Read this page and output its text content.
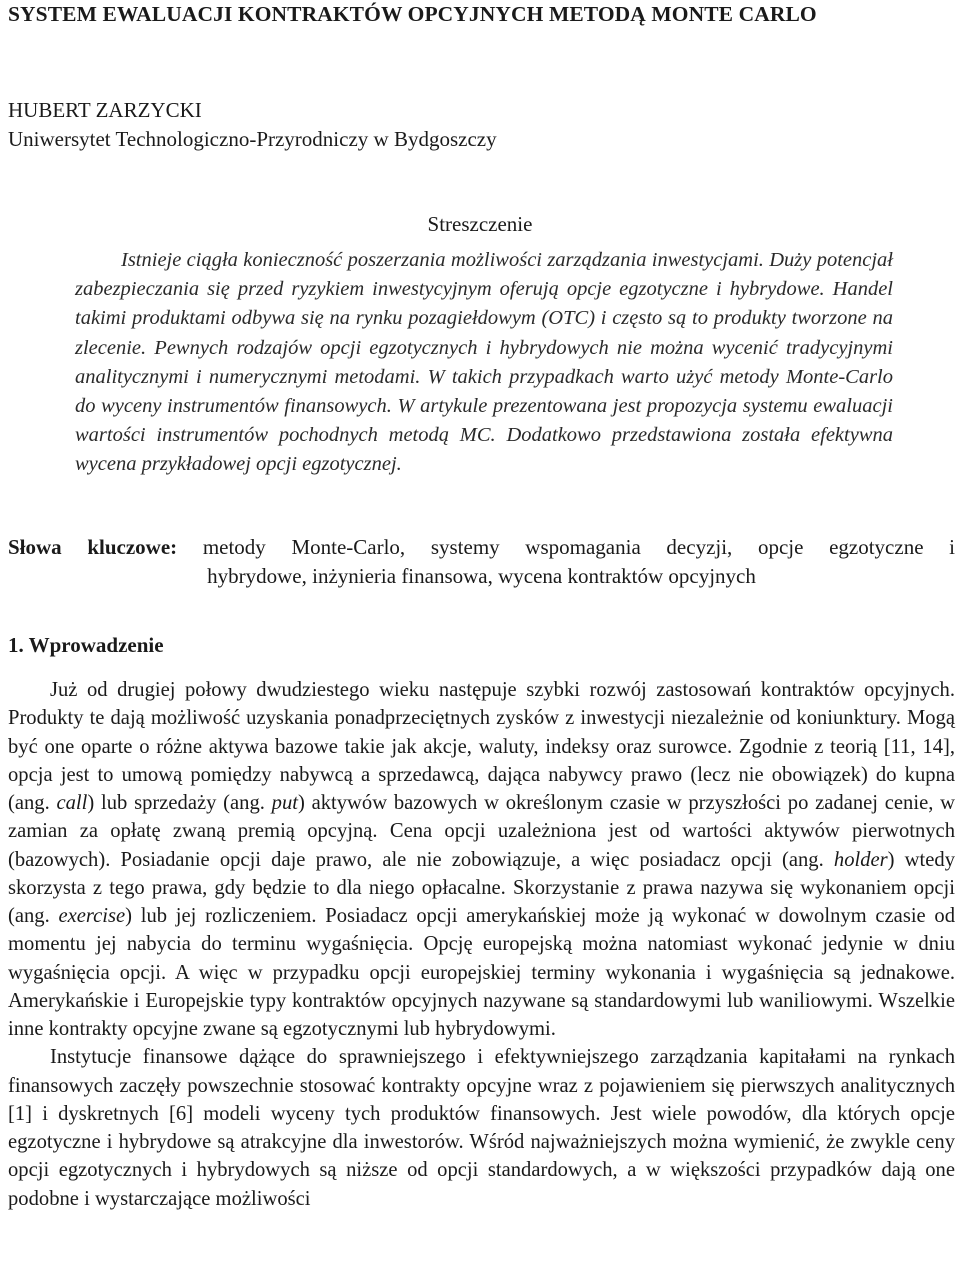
SYSTEM EWALUACJI KONTRAKTÓW OPCYJNYCH METODĄ MONTE CARLO
HUBERT ZARZYCKI
Uniwersytet Technologiczno-Przyrodniczy w Bydgoszczy
Streszczenie

Istnieje ciągła konieczność poszerzania możliwości zarządzania inwestycjami. Duży potencjał zabezpieczania się przed ryzykiem inwestycyjnym oferują opcje egzotyczne i hybrydowe. Handel takimi produktami odbywa się na rynku pozagiełdowym (OTC) i często są to produkty tworzone na zlecenie. Pewnych rodzajów opcji egzotycznych i hybrydowych nie można wycenić tradycyjnymi analitycznymi i numerycznymi metodami. W takich przypadkach warto użyć metody Monte-Carlo do wyceny instrumentów finansowych. W artykule prezentowana jest propozycja systemu ewaluacji wartości instrumentów pochodnych metodą MC. Dodatkowo przedstawiona została efektywna wycena przykładowej opcji egzotycznej.

Słowa kluczowe: metody Monte-Carlo, systemy wspomagania decyzji, opcje egzotyczne i
hybrydowe, inżynieria finansowa, wycena kontraktów opcyjnych

1. Wprowadzenie

Już od drugiej połowy dwudziestego wieku następuje szybki rozwój zastosowań kontraktów opcyjnych. Produkty te dają możliwość uzyskania ponadprzeciętnych zysków z inwestycji niezależnie od koniunktury. Mogą być one oparte o różne aktywa bazowe takie jak akcje, waluty, indeksy oraz surowce. Zgodnie z teorią [11, 14], opcja jest to umową pomiędzy nabywcą a sprzedawcą, dająca nabywcy prawo (lecz nie obowiązek) do kupna (ang. call) lub sprzedaży (ang. put) aktywów bazowych w określonym czasie w przyszłości po zadanej cenie, w zamian za opłatę zwaną premią opcyjną. Cena opcji uzależniona jest od wartości aktywów pierwotnych (bazowych). Posiadanie opcji daje prawo, ale nie zobowiązuje, a więc posiadacz opcji (ang. holder) wtedy skorzysta z tego prawa, gdy będzie to dla niego opłacalne. Skorzystanie z prawa nazywa się wykonaniem opcji (ang. exercise) lub jej rozliczeniem. Posiadacz opcji amerykańskiej może ją wykonać w dowolnym czasie od momentu jej nabycia do terminu wygaśnięcia. Opcję europejską można natomiast wykonać jedynie w dniu wygaśnięcia opcji. A więc w przypadku opcji europejskiej terminy wykonania i wygaśnięcia są jednakowe. Amerykańskie i Europejskie typy kontraktów opcyjnych nazywane są standardowymi lub waniliowymi. Wszelkie inne kontrakty opcyjne zwane są egzotycznymi lub hybrydowymi.

Instytucje finansowe dążące do sprawniejszego i efektywniejszego zarządzania kapitałami na rynkach finansowych zaczęły powszechnie stosować kontrakty opcyjne wraz z pojawieniem się pierwszych analitycznych [1] i dyskretnych [6] modeli wyceny tych produktów finansowych. Jest wiele powodów, dla których opcje egzotyczne i hybrydowe są atrakcyjne dla inwestorów. Wśród najważniejszych można wymienić, że zwykle ceny opcji egzotycznych i hybrydowych są niższe od opcji standardowych, a w większości przypadków dają one podobne i wystarczające możliwości
